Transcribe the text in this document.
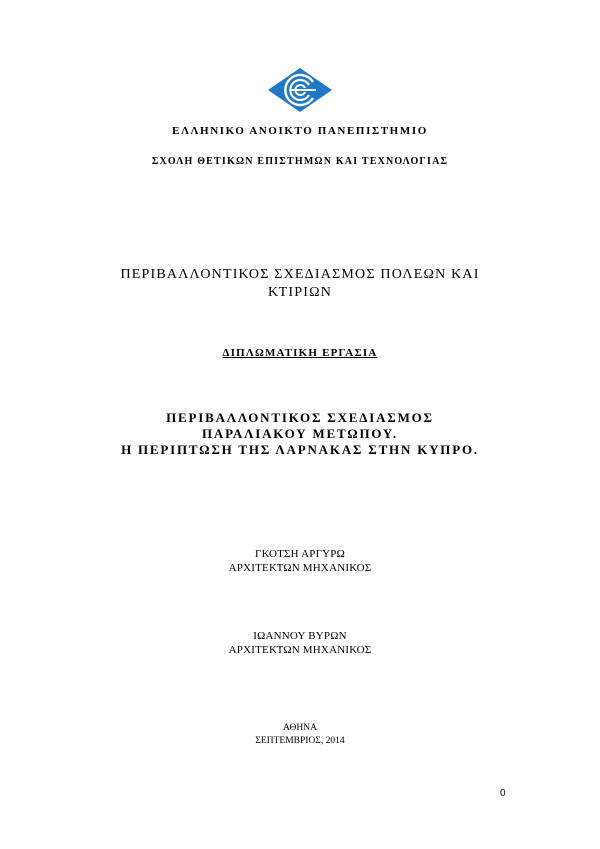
ΕΛΛΗΝΙΚΟ ΑΝΟΙΚΤΟ ΠΑΝΕΠΙΣΤΗΜΙΟ
ΣΧΟΛΗ ΘΕΤΙΚΩΝ ΕΠΙΣΤΗΜΩΝ ΚΑΙ ΤΕΧΝΟΛΟΓΙΑΣ
ΠΕΡΙΒΑΛΛΟΝΤΙΚΟΣ ΣΧΕΔΙΑΣΜΟΣ ΠΟΛΕΩΝ ΚΑΙ
ΚΤΙΡΙΩΝ
ΔΙΠΛΩΜΑΤΙΚΗ ΕΡΓΑΣΙΑ
ΠΕΡΙΒΑΛΛΟΝΤΙΚΟΣ ΣΧΕΔΙΑΣΜΟΣ
ΠΑΡΑΛΙΑΚΟΥ ΜΕΤΩΠΟΥ.
Η ΠΕΡΙΠΤΩΣΗ ΤΗΣ ΛΑΡΝΑΚΑΣ ΣΤΗΝ ΚΥΠΡΟ.
ΓΚΟΤΣΗ ΑΡΓΥΡΩ
ΑΡΧΙΤΕΚΤΩΝ ΜΗΧΑΝΙΚΟΣ
ΙΩΑΝΝΟΥ ΒΥΡΩΝ
ΑΡΧΙΤΕΚΤΩΝ ΜΗΧΑΝΙΚΟΣ
ΑΘΗΝΑ
ΣΕΠΤΕΜΒΡΙΟΣ, 2014
0
